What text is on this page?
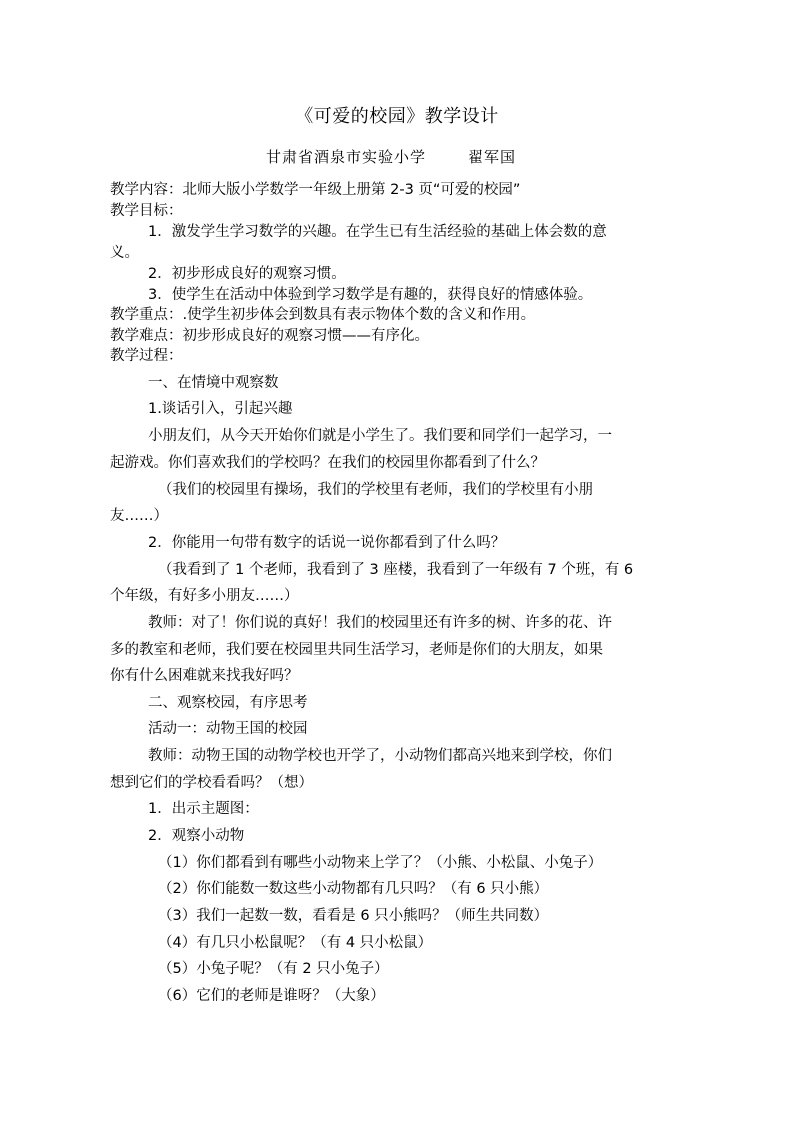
《可爱的校园》教学设计
甘肃省酒泉市实验小学	翟军国
教学内容：北师大版小学数学一年级上册第 2-3 页“可爱的校园”
教学目标：
1．激发学生学习数学的兴趣。在学生已有生活经验的基础上体会数的意
义。
2．初步形成良好的观察习惯。
3．使学生在活动中体验到学习数学是有趣的，获得良好的情感体验。
教学重点：.使学生初步体会到数具有表示物体个数的含义和作用。
教学难点：初步形成良好的观察习惯——有序化。
教学过程：
一、在情境中观察数
1.谈话引入，引起兴趣
小朋友们，从今天开始你们就是小学生了。我们要和同学们一起学习，一
起游戏。你们喜欢我们的学校吗？在我们的校园里你都看到了什么？
（我们的校园里有操场，我们的学校里有老师，我们的学校里有小朋
友……）
2．你能用一句带有数字的话说一说你都看到了什么吗？
（我看到了 1 个老师，我看到了 3 座楼，我看到了一年级有 7 个班，有 6
个年级，有好多小朋友……）
教师：对了！你们说的真好！我们的校园里还有许多的树、许多的花、许
多的教室和老师，我们要在校园里共同生活学习，老师是你们的大朋友，如果
你有什么困难就来找我好吗？
二、观察校园，有序思考
活动一：动物王国的校园
教师：动物王国的动物学校也开学了，小动物们都高兴地来到学校，你们
想到它们的学校看看吗？（想）
1．出示主题图：
2．观察小动物
（1）你们都看到有哪些小动物来上学了？（小熊、小松鼠、小兔子）
（2）你们能数一数这些小动物都有几只吗？（有 6 只小熊）
（3）我们一起数一数，看看是 6 只小熊吗？（师生共同数）
（4）有几只小松鼠呢？（有 4 只小松鼠）
（5）小兔子呢？（有 2 只小兔子）
（6）它们的老师是谁呀？（大象）
